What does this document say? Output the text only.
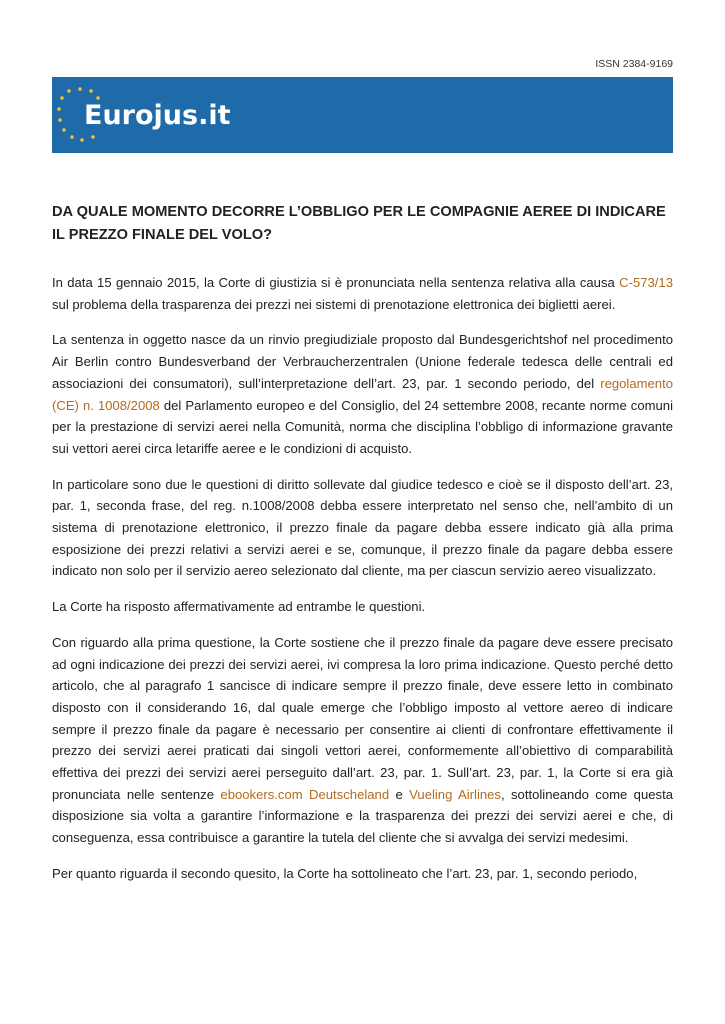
ISSN 2384-9169
Eurojus.it
DA QUALE MOMENTO DECORRE L’OBBLIGO PER LE COMPAGNIE AEREE DI INDICARE IL PREZZO FINALE DEL VOLO?

In data 15 gennaio 2015, la Corte di giustizia si è pronunciata nella sentenza relativa alla causa C-573/13 sul problema della trasparenza dei prezzi nei sistemi di prenotazione elettronica dei biglietti aerei.

La sentenza in oggetto nasce da un rinvio pregiudiziale proposto dal Bundesgerichtshof nel procedimento Air Berlin contro Bundesverband der Verbraucherzentralen (Unione federale tedesca delle centrali ed associazioni dei consumatori), sull’interpretazione dell’art. 23, par. 1 secondo periodo, del regolamento (CE) n. 1008/2008 del Parlamento europeo e del Consiglio, del 24 settembre 2008, recante norme comuni per la prestazione di servizi aerei nella Comunità, norma che disciplina l’obbligo di informazione gravante sui vettori aerei circa letariffe aeree e le condizioni di acquisto.

In particolare sono due le questioni di diritto sollevate dal giudice tedesco e cioè se il disposto dell’art. 23, par. 1, seconda frase, del reg. n.1008/2008 debba essere interpretato nel senso che, nell’ambito di un sistema di prenotazione elettronico, il prezzo finale da pagare debba essere indicato già alla prima esposizione dei prezzi relativi a servizi aerei e se, comunque, il prezzo finale da pagare debba essere indicato non solo per il servizio aereo selezionato dal cliente, ma per ciascun servizio aereo visualizzato.

La Corte ha risposto affermativamente ad entrambe le questioni.

Con riguardo alla prima questione, la Corte sostiene che il prezzo finale da pagare deve essere precisato ad ogni indicazione dei prezzi dei servizi aerei, ivi compresa la loro prima indicazione. Questo perché detto articolo, che al paragrafo 1 sancisce di indicare sempre il prezzo finale, deve essere letto in combinato disposto con il considerando 16, dal quale emerge che l’obbligo imposto al vettore aereo di indicare sempre il prezzo finale da pagare è necessario per consentire ai clienti di confrontare effettivamente il prezzo dei servizi aerei praticati dai singoli vettori aerei, conformemente all’obiettivo di comparabilità effettiva dei prezzi dei servizi aerei perseguito dall’art. 23, par. 1. Sull’art. 23, par. 1, la Corte si era già pronunciata nelle sentenze ebookers.com Deutscheland e Vueling Airlines, sottolineando come questa disposizione sia volta a garantire l’informazione e la trasparenza dei prezzi dei servizi aerei e che, di conseguenza, essa contribuisce a garantire la tutela del cliente che si avvalga dei servizi medesimi.

Per quanto riguarda il secondo quesito, la Corte ha sottolineato che l’art. 23, par. 1, secondo periodo,
